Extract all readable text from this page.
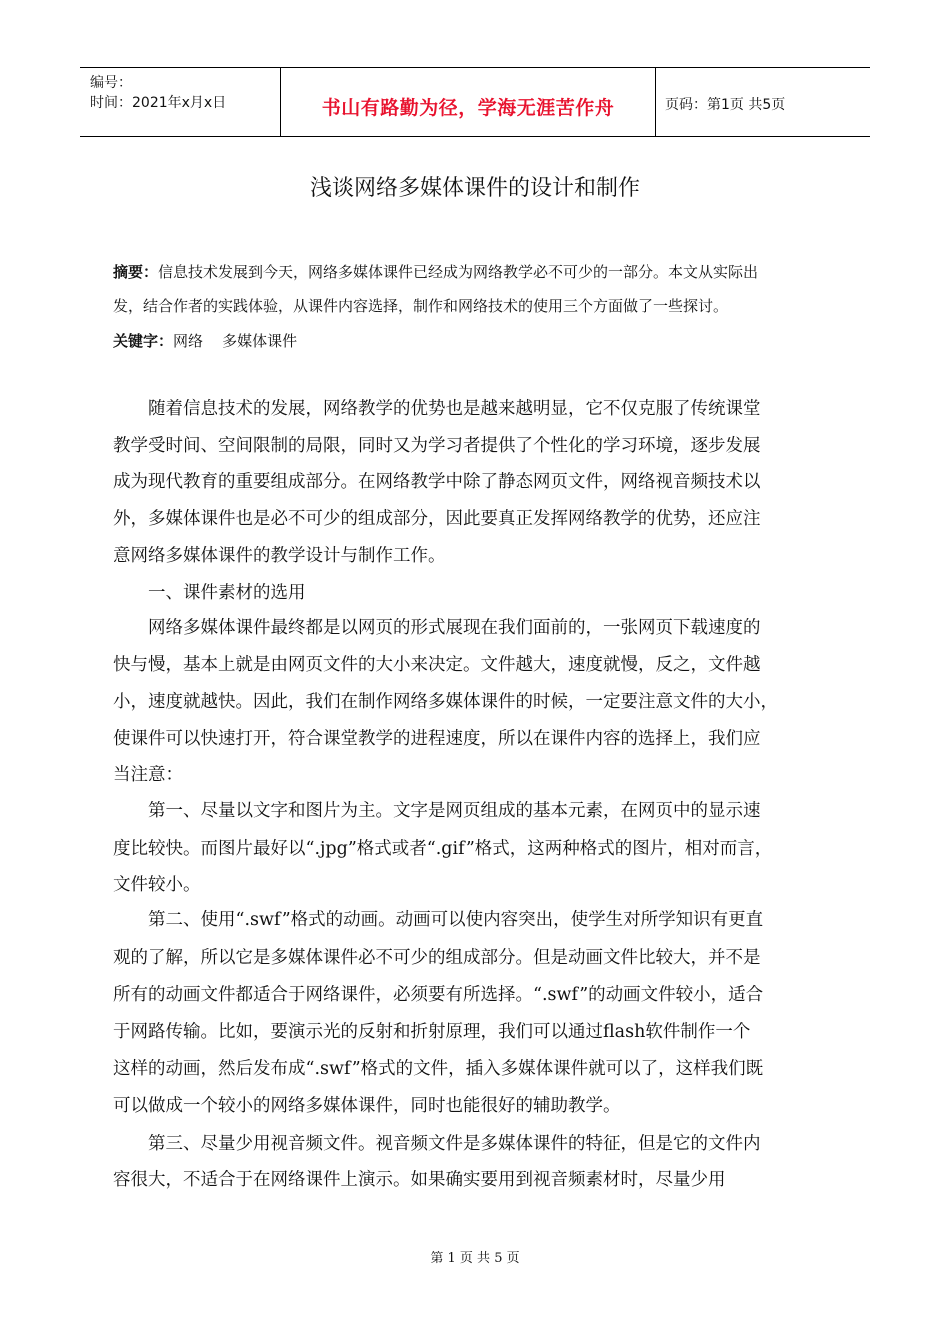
编号：
时间：2021年x月x日	书山有路勤为径，学海无涯苦作舟	页码：第1页 共5页
浅谈网络多媒体课件的设计和制作
摘要：信息技术发展到今天，网络多媒体课件已经成为网络教学必不可少的一部分。本文从实际出
发，结合作者的实践体验，从课件内容选择，制作和网络技术的使用三个方面做了一些探讨。
关键字：网络    多媒体课件
　　随着信息技术的发展，网络教学的优势也是越来越明显，它不仅克服了传统课堂
教学受时间、空间限制的局限，同时又为学习者提供了个性化的学习环境，逐步发展
成为现代教育的重要组成部分。在网络教学中除了静态网页文件，网络视音频技术以
外，多媒体课件也是必不可少的组成部分，因此要真正发挥网络教学的优势，还应注
意网络多媒体课件的教学设计与制作工作。
　　一、课件素材的选用
　　网络多媒体课件最终都是以网页的形式展现在我们面前的，一张网页下载速度的
快与慢，基本上就是由网页文件的大小来决定。文件越大，速度就慢，反之，文件越
小，速度就越快。因此，我们在制作网络多媒体课件的时候，一定要注意文件的大小，
使课件可以快速打开，符合课堂教学的进程速度，所以在课件内容的选择上，我们应
当注意：
　　第一、尽量以文字和图片为主。文字是网页组成的基本元素，在网页中的显示速
度比较快。而图片最好以“.jpg”格式或者“.gif”格式，这两种格式的图片，相对而言，
文件较小。
　　第二、使用“.swf”格式的动画。动画可以使内容突出，使学生对所学知识有更直
观的了解，所以它是多媒体课件必不可少的组成部分。但是动画文件比较大，并不是
所有的动画文件都适合于网络课件，必须要有所选择。“.swf”的动画文件较小，适合
于网路传输。比如，要演示光的反射和折射原理，我们可以通过flash软件制作一个
这样的动画，然后发布成“.swf”格式的文件，插入多媒体课件就可以了，这样我们既
可以做成一个较小的网络多媒体课件，同时也能很好的辅助教学。
　　第三、尽量少用视音频文件。视音频文件是多媒体课件的特征，但是它的文件内
容很大，不适合于在网络课件上演示。如果确实要用到视音频素材时，尽量少用
第 1 页 共 5 页
